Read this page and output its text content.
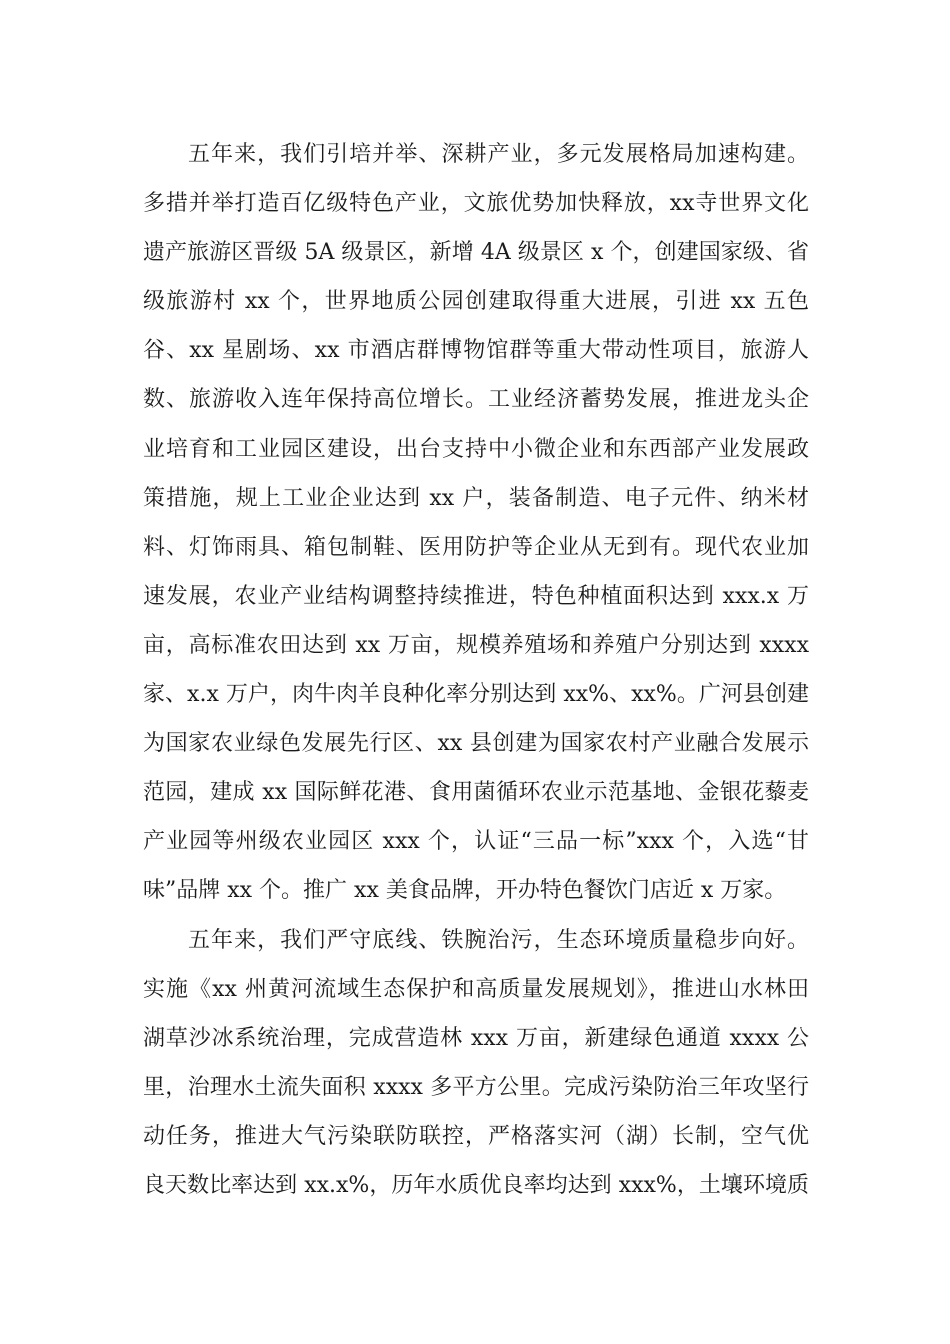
五年来，我们引培并举、深耕产业，多元发展格局加速构建。
多措并举打造百亿级特色产业，文旅优势加快释放，xx寺世界文化
遗产旅游区晋级 5A 级景区，新增 4A 级景区 x 个，创建国家级、省
级旅游村 xx 个，世界地质公园创建取得重大进展，引进 xx 五色
谷、xx 星剧场、xx 市酒店群博物馆群等重大带动性项目，旅游人
数、旅游收入连年保持高位增长。工业经济蓄势发展，推进龙头企
业培育和工业园区建设，出台支持中小微企业和东西部产业发展政
策措施，规上工业企业达到 xx 户，装备制造、电子元件、纳米材
料、灯饰雨具、箱包制鞋、医用防护等企业从无到有。现代农业加
速发展，农业产业结构调整持续推进，特色种植面积达到 xxx.x 万
亩，高标准农田达到 xx 万亩，规模养殖场和养殖户分别达到 xxxx
家、x.x 万户，肉牛肉羊良种化率分别达到 xx%、xx%。广河县创建
为国家农业绿色发展先行区、xx 县创建为国家农村产业融合发展示
范园，建成 xx 国际鲜花港、食用菌循环农业示范基地、金银花藜麦
产业园等州级农业园区 xxx 个，认证“三品一标”xxx 个，入选“甘
味”品牌 xx 个。推广 xx 美食品牌，开办特色餐饮门店近 x 万家。
五年来，我们严守底线、铁腕治污，生态环境质量稳步向好。
实施《xx 州黄河流域生态保护和高质量发展规划》，推进山水林田
湖草沙冰系统治理，完成营造林 xxx 万亩，新建绿色通道 xxxx 公
里，治理水土流失面积 xxxx 多平方公里。完成污染防治三年攻坚行
动任务，推进大气污染联防联控，严格落实河（湖）长制，空气优
良天数比率达到 xx.x%，历年水质优良率均达到 xxx%，土壤环境质
